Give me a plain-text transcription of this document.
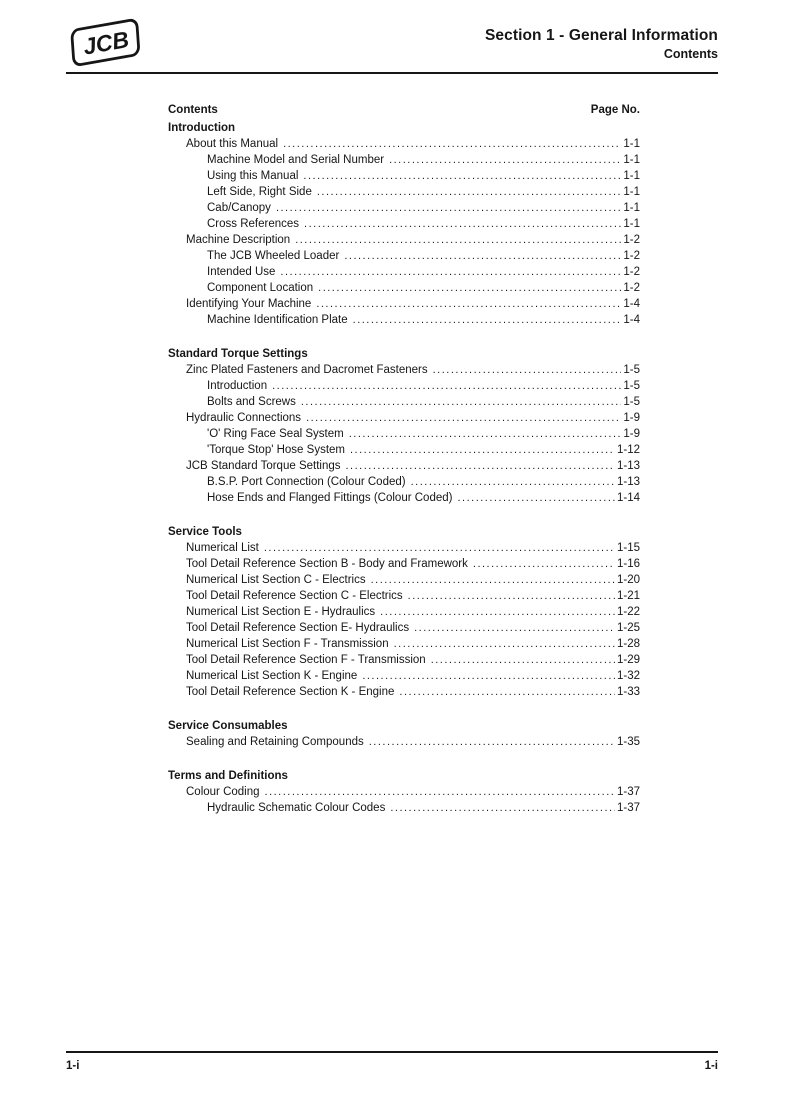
JCB	Section 1 - General Information
Contents
Contents	Page No.
Introduction
About this Manual .....	1-1
Machine Model and Serial Number .....	1-1
Using this Manual .....	1-1
Left Side, Right Side .....	1-1
Cab/Canopy .....	1-1
Cross References .....	1-1
Machine Description .....	1-2
The JCB Wheeled Loader .....	1-2
Intended Use .....	1-2
Component Location .....	1-2
Identifying Your Machine .....	1-4
Machine Identification Plate .....	1-4
Standard Torque Settings
Zinc Plated Fasteners and Dacromet Fasteners .....	1-5
Introduction .....	1-5
Bolts and Screws .....	1-5
Hydraulic Connections .....	1-9
'O' Ring Face Seal System .....	1-9
'Torque Stop' Hose System .....	1-12
JCB Standard Torque Settings .....	1-13
B.S.P. Port Connection (Colour Coded) .....	1-13
Hose Ends and Flanged Fittings (Colour Coded) .....	1-14
Service Tools
Numerical List .....	1-15
Tool Detail Reference Section B - Body and Framework .....	1-16
Numerical List Section C - Electrics .....	1-20
Tool Detail Reference Section C - Electrics .....	1-21
Numerical List Section E - Hydraulics .....	1-22
Tool Detail Reference Section E- Hydraulics .....	1-25
Numerical List Section F - Transmission .....	1-28
Tool Detail Reference Section F - Transmission .....	1-29
Numerical List Section K - Engine .....	1-32
Tool Detail Reference Section K - Engine .....	1-33
Service Consumables
Sealing and Retaining Compounds .....	1-35
Terms and Definitions
Colour Coding .....	1-37
Hydraulic Schematic Colour Codes .....	1-37
1-i	1-i
